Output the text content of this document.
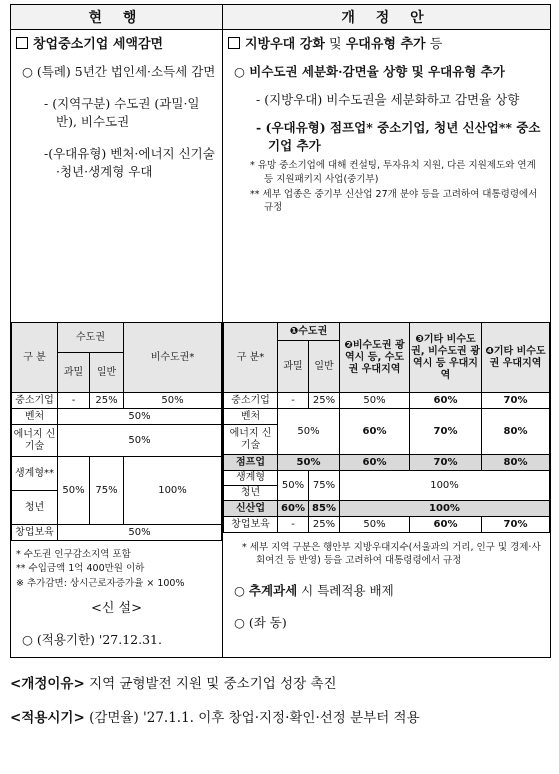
현 행	개 정 안

창업중소기업 세액감면
○ (특례) 5년간 법인세·소득세 감면
- (지역구분) 수도권 (과밀·일반), 비수도권
-(우대유형) 벤처·에너지 신기술·청년·생계형 우대
구 분	수도권	비수도권*
과밀	일반
중소기업	-	25%	50%
벤처	50%
에너지 신기술	50%
생계형**	50%	75%	100%
청년
창업보육	50%
* 수도권 인구감소지역 포함
** 수입금액 1억 400만원 이하
※ 추가감면: 상시근로자증가율 × 100%
<신 설>
○ (적용기한) '27.12.31.

지방우대 강화 및 우대유형 추가 등
○ 비수도권 세분화·감면율 상향 및 우대유형 추가
- (지방우대) 비수도권을 세분화하고 감면율 상향
- (우대유형) 점프업* 중소기업, 청년 신산업** 중소기업 추가
* 유망 중소기업에 대해 컨설팅, 투자유치 지원, 다른 지원제도와 연계 등 지원패키지 사업(중기부)
** 세부 업종은 중기부 신산업 27개 분야 등을 고려하여 대통령령에서 규정
구 분*	❶수도권	❷비수도권 광역시 등, 수도권 우대지역	❸기타 비수도권, 비수도권 광역시 등 우대지역	❹기타 비수도권 우대지역
과밀	일반
중소기업	-	25%	50%	60%	70%
벤처	50%	60%	70%	80%
에너지 신기술
점프업	50%	60%	70%	80%
생계형	50%	75%	100%
청년
신산업	60%	85%	100%
창업보육	-	25%	50%	60%	70%
* 세부 지역 구분은 행안부 지방우대지수(서울과의 거리, 인구 및 경제·사회여건 등 반영) 등을 고려하여 대통령령에서 규정
○ 추계과세 시 특례적용 배제
○ (좌 동)
<개정이유> 지역 균형발전 지원 및 중소기업 성장 촉진
<적용시기> (감면율) '27.1.1. 이후 창업·지정·확인·선정 분부터 적용
